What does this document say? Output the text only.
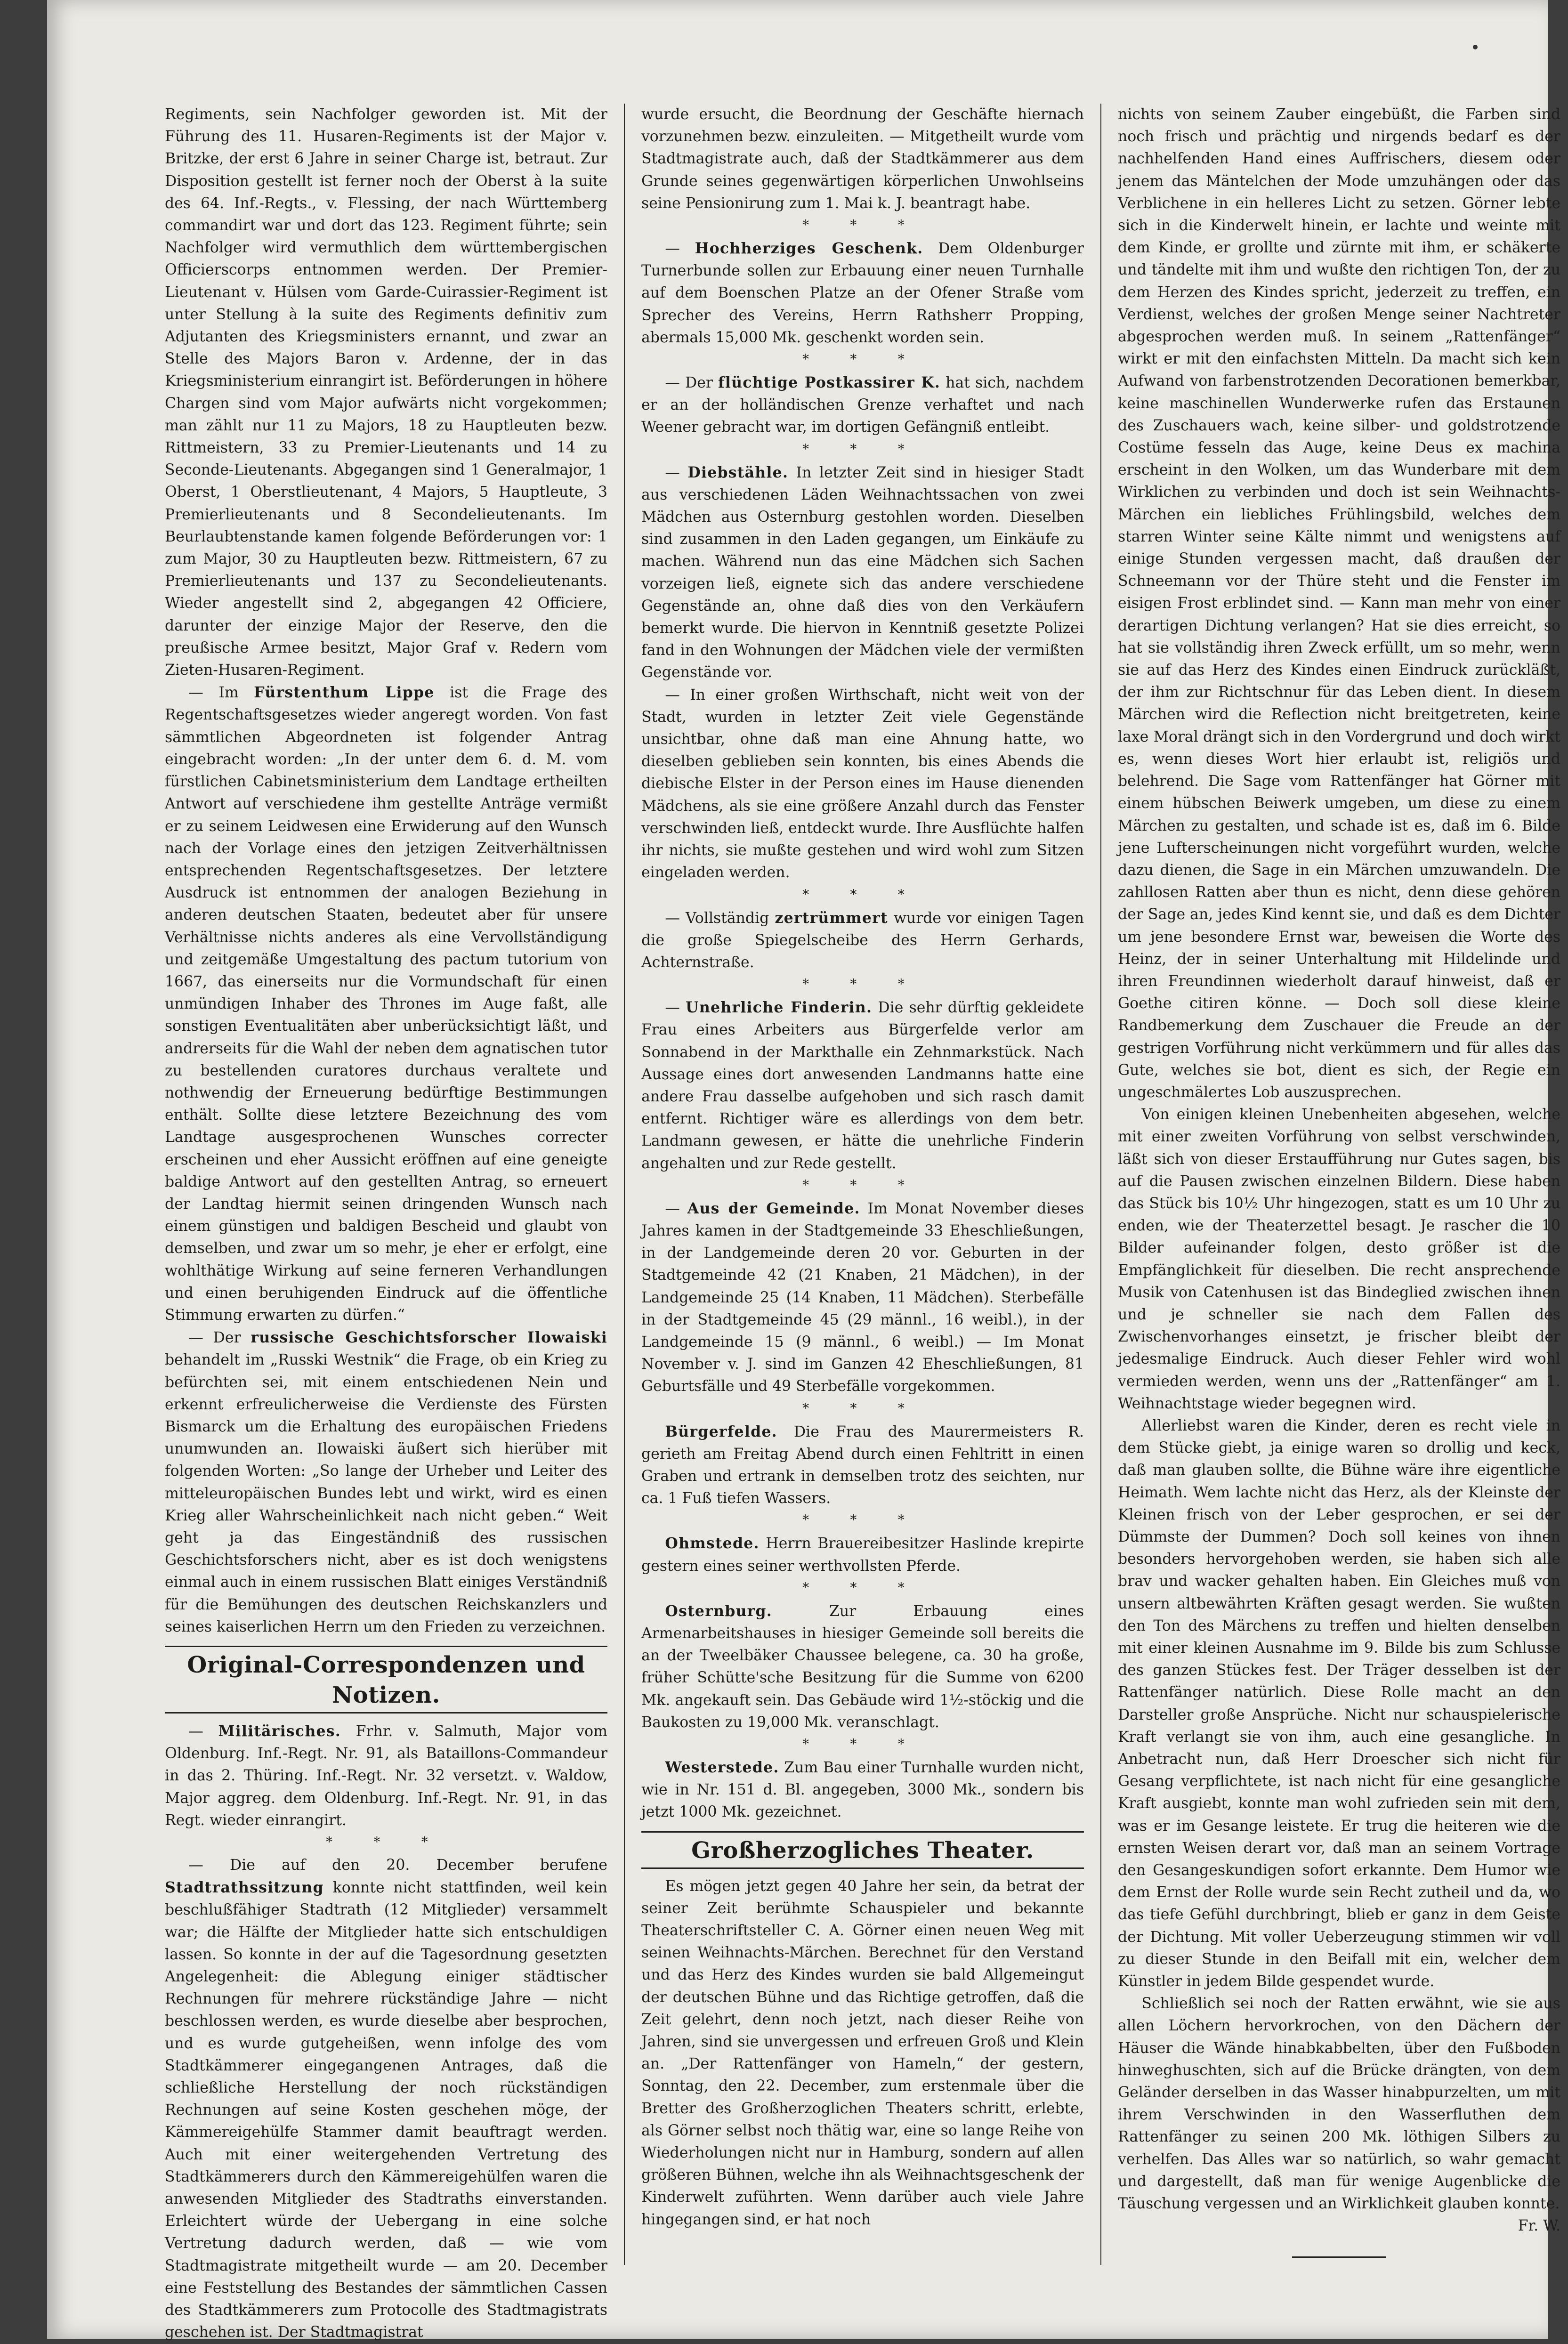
Regiments, sein Nachfolger geworden ist. Mit der Führung des 11. Husaren-Regiments ist der Major v. Britzke, der erst 6 Jahre in seiner Charge ist, betraut. Zur Disposition gestellt ist ferner noch der Oberst à la suite des 64. Inf.-Regts., v. Flessing, der nach Württemberg commandirt war und dort das 123. Regiment führte; sein Nachfolger wird vermuthlich dem württembergischen Officierscorps entnommen werden. Der Premier-Lieutenant v. Hülsen vom Garde-Cuirassier-Regiment ist unter Stellung à la suite des Regiments definitiv zum Adjutanten des Kriegsministers ernannt, und zwar an Stelle des Majors Baron v. Ardenne, der in das Kriegsministerium einrangirt ist. Beförderungen in höhere Chargen sind vom Major aufwärts nicht vorgekommen; man zählt nur 11 zu Majors, 18 zu Hauptleuten bezw. Rittmeistern, 33 zu Premier-Lieutenants und 14 zu Seconde-Lieutenants. Abgegangen sind 1 Generalmajor, 1 Oberst, 1 Oberstlieutenant, 4 Majors, 5 Hauptleute, 3 Premierlieutenants und 8 Secondelieutenants. Im Beurlaubtenstande kamen folgende Beförderungen vor: 1 zum Major, 30 zu Hauptleuten bezw. Rittmeistern, 67 zu Premierlieutenants und 137 zu Secondelieutenants. Wieder angestellt sind 2, abgegangen 42 Officiere, darunter der einzige Major der Reserve, den die preußische Armee besitzt, Major Graf v. Redern vom Zieten-Husaren-Regiment.

— Im Fürstenthum Lippe ist die Frage des Regentschaftsgesetzes wieder angeregt worden. Von fast sämmtlichen Abgeordneten ist folgender Antrag eingebracht worden: „In der unter dem 6. d. M. vom fürstlichen Cabinetsministerium dem Landtage ertheilten Antwort auf verschiedene ihm gestellte Anträge vermißt er zu seinem Leidwesen eine Erwiderung auf den Wunsch nach der Vorlage eines den jetzigen Zeitverhältnissen entsprechenden Regentschaftsgesetzes. Der letztere Ausdruck ist entnommen der analogen Beziehung in anderen deutschen Staaten, bedeutet aber für unsere Verhältnisse nichts anderes als eine Vervollständigung und zeitgemäße Umgestaltung des pactum tutorium von 1667, das einerseits nur die Vormundschaft für einen unmündigen Inhaber des Thrones im Auge faßt, alle sonstigen Eventualitäten aber unberücksichtigt läßt, und andrerseits für die Wahl der neben dem agnatischen tutor zu bestellenden curatores durchaus veraltete und nothwendig der Erneuerung bedürftige Bestimmungen enthält. Sollte diese letztere Bezeichnung des vom Landtage ausgesprochenen Wunsches correcter erscheinen und eher Aussicht eröffnen auf eine geneigte baldige Antwort auf den gestellten Antrag, so erneuert der Landtag hiermit seinen dringenden Wunsch nach einem günstigen und baldigen Bescheid und glaubt von demselben, und zwar um so mehr, je eher er erfolgt, eine wohlthätige Wirkung auf seine ferneren Verhandlungen und einen beruhigenden Eindruck auf die öffentliche Stimmung erwarten zu dürfen.“

— Der russische Geschichtsforscher Ilowaiski behandelt im „Russki Westnik“ die Frage, ob ein Krieg zu befürchten sei, mit einem entschiedenen Nein und erkennt erfreulicherweise die Verdienste des Fürsten Bismarck um die Erhaltung des europäischen Friedens unumwunden an. Ilowaiski äußert sich hierüber mit folgenden Worten: „So lange der Urheber und Leiter des mitteleuropäischen Bundes lebt und wirkt, wird es einen Krieg aller Wahrscheinlichkeit nach nicht geben.“ Weit geht ja das Eingeständniß des russischen Geschichtsforschers nicht, aber es ist doch wenigstens einmal auch in einem russischen Blatt einiges Verständniß für die Bemühungen des deutschen Reichskanzlers und seines kaiserlichen Herrn um den Frieden zu verzeichnen.

Original-Correspondenzen und Notizen.

— Militärisches. Frhr. v. Salmuth, Major vom Oldenburg. Inf.-Regt. Nr. 91, als Bataillons-Commandeur in das 2. Thüring. Inf.-Regt. Nr. 32 versetzt. v. Waldow, Major aggreg. dem Oldenburg. Inf.-Regt. Nr. 91, in das Regt. wieder einrangirt.

* * *

— Die auf den 20. December berufene Stadtrathssitzung konnte nicht stattfinden, weil kein beschlußfähiger Stadtrath (12 Mitglieder) versammelt war; die Hälfte der Mitglieder hatte sich entschuldigen lassen. So konnte in der auf die Tagesordnung gesetzten Angelegenheit: die Ablegung einiger städtischer Rechnungen für mehrere rückständige Jahre — nicht beschlossen werden, es wurde dieselbe aber besprochen, und es wurde gutgeheißen, wenn infolge des vom Stadtkämmerer eingegangenen Antrages, daß die schließliche Herstellung der noch rückständigen Rechnungen auf seine Kosten geschehen möge, der Kämmereigehülfe Stammer damit beauftragt werden. Auch mit einer weitergehenden Vertretung des Stadtkämmerers durch den Kämmereigehülfen waren die anwesenden Mitglieder des Stadtraths einverstanden. Erleichtert würde der Uebergang in eine solche Vertretung dadurch werden, daß — wie vom Stadtmagistrate mitgetheilt wurde — am 20. December eine Feststellung des Bestandes der sämmtlichen Cassen des Stadtkämmerers zum Protocolle des Stadtmagistrats geschehen ist. Der Stadtmagistrat

wurde ersucht, die Beordnung der Geschäfte hiernach vorzunehmen bezw. einzuleiten. — Mitgetheilt wurde vom Stadtmagistrate auch, daß der Stadtkämmerer aus dem Grunde seines gegenwärtigen körperlichen Unwohlseins seine Pensionirung zum 1. Mai k. J. beantragt habe.

* * *

— Hochherziges Geschenk. Dem Oldenburger Turnerbunde sollen zur Erbauung einer neuen Turnhalle auf dem Boenschen Platze an der Ofener Straße vom Sprecher des Vereins, Herrn Rathsherr Propping, abermals 15,000 Mk. geschenkt worden sein.

* * *

— Der flüchtige Postkassirer K. hat sich, nachdem er an der holländischen Grenze verhaftet und nach Weener gebracht war, im dortigen Gefängniß entleibt.

* * *

— Diebstähle. In letzter Zeit sind in hiesiger Stadt aus verschiedenen Läden Weihnachtssachen von zwei Mädchen aus Osternburg gestohlen worden. Dieselben sind zusammen in den Laden gegangen, um Einkäufe zu machen. Während nun das eine Mädchen sich Sachen vorzeigen ließ, eignete sich das andere verschiedene Gegenstände an, ohne daß dies von den Verkäufern bemerkt wurde. Die hiervon in Kenntniß gesetzte Polizei fand in den Wohnungen der Mädchen viele der vermißten Gegenstände vor.

— In einer großen Wirthschaft, nicht weit von der Stadt, wurden in letzter Zeit viele Gegenstände unsichtbar, ohne daß man eine Ahnung hatte, wo dieselben geblieben sein konnten, bis eines Abends die diebische Elster in der Person eines im Hause dienenden Mädchens, als sie eine größere Anzahl durch das Fenster verschwinden ließ, entdeckt wurde. Ihre Ausflüchte halfen ihr nichts, sie mußte gestehen und wird wohl zum Sitzen eingeladen werden.

* * *

— Vollständig zertrümmert wurde vor einigen Tagen die große Spiegelscheibe des Herrn Gerhards, Achternstraße.

* * *

— Unehrliche Finderin. Die sehr dürftig gekleidete Frau eines Arbeiters aus Bürgerfelde verlor am Sonnabend in der Markthalle ein Zehnmarkstück. Nach Aussage eines dort anwesenden Landmanns hatte eine andere Frau dasselbe aufgehoben und sich rasch damit entfernt. Richtiger wäre es allerdings von dem betr. Landmann gewesen, er hätte die unehrliche Finderin angehalten und zur Rede gestellt.

* * *

— Aus der Gemeinde. Im Monat November dieses Jahres kamen in der Stadtgemeinde 33 Eheschließungen, in der Landgemeinde deren 20 vor. Geburten in der Stadtgemeinde 42 (21 Knaben, 21 Mädchen), in der Landgemeinde 25 (14 Knaben, 11 Mädchen). Sterbefälle in der Stadtgemeinde 45 (29 männl., 16 weibl.), in der Landgemeinde 15 (9 männl., 6 weibl.) — Im Monat November v. J. sind im Ganzen 42 Eheschließungen, 81 Geburtsfälle und 49 Sterbefälle vorgekommen.

* * *

Bürgerfelde. Die Frau des Maurermeisters R. gerieth am Freitag Abend durch einen Fehltritt in einen Graben und ertrank in demselben trotz des seichten, nur ca. 1 Fuß tiefen Wassers.

* * *

Ohmstede. Herrn Brauereibesitzer Haslinde krepirte gestern eines seiner werthvollsten Pferde.

* * *

Osternburg. Zur Erbauung eines Armenarbeitshauses in hiesiger Gemeinde soll bereits die an der Tweelbäker Chaussee belegene, ca. 30 ha große, früher Schütte'sche Besitzung für die Summe von 6200 Mk. angekauft sein. Das Gebäude wird 1½-stöckig und die Baukosten zu 19,000 Mk. veranschlagt.

* * *

Westerstede. Zum Bau einer Turnhalle wurden nicht, wie in Nr. 151 d. Bl. angegeben, 3000 Mk., sondern bis jetzt 1000 Mk. gezeichnet.

Großherzogliches Theater.

Es mögen jetzt gegen 40 Jahre her sein, da betrat der seiner Zeit berühmte Schauspieler und bekannte Theaterschriftsteller C. A. Görner einen neuen Weg mit seinen Weihnachts-Märchen. Berechnet für den Verstand und das Herz des Kindes wurden sie bald Allgemeingut der deutschen Bühne und das Richtige getroffen, daß die Zeit gelehrt, denn noch jetzt, nach dieser Reihe von Jahren, sind sie unvergessen und erfreuen Groß und Klein an. „Der Rattenfänger von Hameln,“ der gestern, Sonntag, den 22. December, zum erstenmale über die Bretter des Großherzoglichen Theaters schritt, erlebte, als Görner selbst noch thätig war, eine so lange Reihe von Wiederholungen nicht nur in Hamburg, sondern auf allen größeren Bühnen, welche ihn als Weihnachtsgeschenk der Kinderwelt zuführten. Wenn darüber auch viele Jahre hingegangen sind, er hat noch

nichts von seinem Zauber eingebüßt, die Farben sind noch frisch und prächtig und nirgends bedarf es der nachhelfenden Hand eines Auffrischers, diesem oder jenem das Mäntelchen der Mode umzuhängen oder das Verblichene in ein helleres Licht zu setzen. Görner lebte sich in die Kinderwelt hinein, er lachte und weinte mit dem Kinde, er grollte und zürnte mit ihm, er schäkerte und tändelte mit ihm und wußte den richtigen Ton, der zu dem Herzen des Kindes spricht, jederzeit zu treffen, ein Verdienst, welches der großen Menge seiner Nachtreter abgesprochen werden muß. In seinem „Rattenfänger“ wirkt er mit den einfachsten Mitteln. Da macht sich kein Aufwand von farbenstrotzenden Decorationen bemerkbar, keine maschinellen Wunderwerke rufen das Erstaunen des Zuschauers wach, keine silber- und goldstrotzende Costüme fesseln das Auge, keine Deus ex machina erscheint in den Wolken, um das Wunderbare mit dem Wirklichen zu verbinden und doch ist sein Weihnachts-Märchen ein liebliches Frühlingsbild, welches dem starren Winter seine Kälte nimmt und wenigstens auf einige Stunden vergessen macht, daß draußen der Schneemann vor der Thüre steht und die Fenster im eisigen Frost erblindet sind. — Kann man mehr von einer derartigen Dichtung verlangen? Hat sie dies erreicht, so hat sie vollständig ihren Zweck erfüllt, um so mehr, wenn sie auf das Herz des Kindes einen Eindruck zurückläßt, der ihm zur Richtschnur für das Leben dient. In diesem Märchen wird die Reflection nicht breitgetreten, keine laxe Moral drängt sich in den Vordergrund und doch wirkt es, wenn dieses Wort hier erlaubt ist, religiös und belehrend. Die Sage vom Rattenfänger hat Görner mit einem hübschen Beiwerk umgeben, um diese zu einem Märchen zu gestalten, und schade ist es, daß im 6. Bilde jene Lufterscheinungen nicht vorgeführt wurden, welche dazu dienen, die Sage in ein Märchen umzuwandeln. Die zahllosen Ratten aber thun es nicht, denn diese gehören der Sage an, jedes Kind kennt sie, und daß es dem Dichter um jene besondere Ernst war, beweisen die Worte des Heinz, der in seiner Unterhaltung mit Hildelinde und ihren Freundinnen wiederholt darauf hinweist, daß er Goethe citiren könne. — Doch soll diese kleine Randbemerkung dem Zuschauer die Freude an der gestrigen Vorführung nicht verkümmern und für alles das Gute, welches sie bot, dient es sich, der Regie ein ungeschmälertes Lob auszusprechen.

Von einigen kleinen Unebenheiten abgesehen, welche mit einer zweiten Vorführung von selbst verschwinden, läßt sich von dieser Erstaufführung nur Gutes sagen, bis auf die Pausen zwischen einzelnen Bildern. Diese haben das Stück bis 10½ Uhr hingezogen, statt es um 10 Uhr zu enden, wie der Theaterzettel besagt. Je rascher die 10 Bilder aufeinander folgen, desto größer ist die Empfänglichkeit für dieselben. Die recht ansprechende Musik von Catenhusen ist das Bindeglied zwischen ihnen und je schneller sie nach dem Fallen des Zwischenvorhanges einsetzt, je frischer bleibt der jedesmalige Eindruck. Auch dieser Fehler wird wohl vermieden werden, wenn uns der „Rattenfänger“ am 1. Weihnachtstage wieder begegnen wird.

Allerliebst waren die Kinder, deren es recht viele in dem Stücke giebt, ja einige waren so drollig und keck, daß man glauben sollte, die Bühne wäre ihre eigentliche Heimath. Wem lachte nicht das Herz, als der Kleinste der Kleinen frisch von der Leber gesprochen, er sei der Dümmste der Dummen? Doch soll keines von ihnen besonders hervorgehoben werden, sie haben sich alle brav und wacker gehalten haben. Ein Gleiches muß von unsern altbewährten Kräften gesagt werden. Sie wußten den Ton des Märchens zu treffen und hielten denselben mit einer kleinen Ausnahme im 9. Bilde bis zum Schlusse des ganzen Stückes fest. Der Träger desselben ist der Rattenfänger natürlich. Diese Rolle macht an den Darsteller große Ansprüche. Nicht nur schauspielerische Kraft verlangt sie von ihm, auch eine gesangliche. In Anbetracht nun, daß Herr Droescher sich nicht für Gesang verpflichtete, ist nach nicht für eine gesangliche Kraft ausgiebt, konnte man wohl zufrieden sein mit dem, was er im Gesange leistete. Er trug die heiteren wie die ernsten Weisen derart vor, daß man an seinem Vortrage den Gesangeskundigen sofort erkannte. Dem Humor wie dem Ernst der Rolle wurde sein Recht zutheil und da, wo das tiefe Gefühl durchbringt, blieb er ganz in dem Geiste der Dichtung. Mit voller Ueberzeugung stimmen wir voll zu dieser Stunde in den Beifall mit ein, welcher dem Künstler in jedem Bilde gespendet wurde.

Schließlich sei noch der Ratten erwähnt, wie sie aus allen Löchern hervorkrochen, von den Dächern der Häuser die Wände hinabkabbelten, über den Fußboden hinweghuschten, sich auf die Brücke drängten, von dem Geländer derselben in das Wasser hinabpurzelten, um mit ihrem Verschwinden in den Wasserfluthen dem Rattenfänger zu seinen 200 Mk. löthigen Silbers zu verhelfen. Das Alles war so natürlich, so wahr gemacht und dargestellt, daß man für wenige Augenblicke die Täuschung vergessen und an Wirklichkeit glauben konnte.

Fr. W.
